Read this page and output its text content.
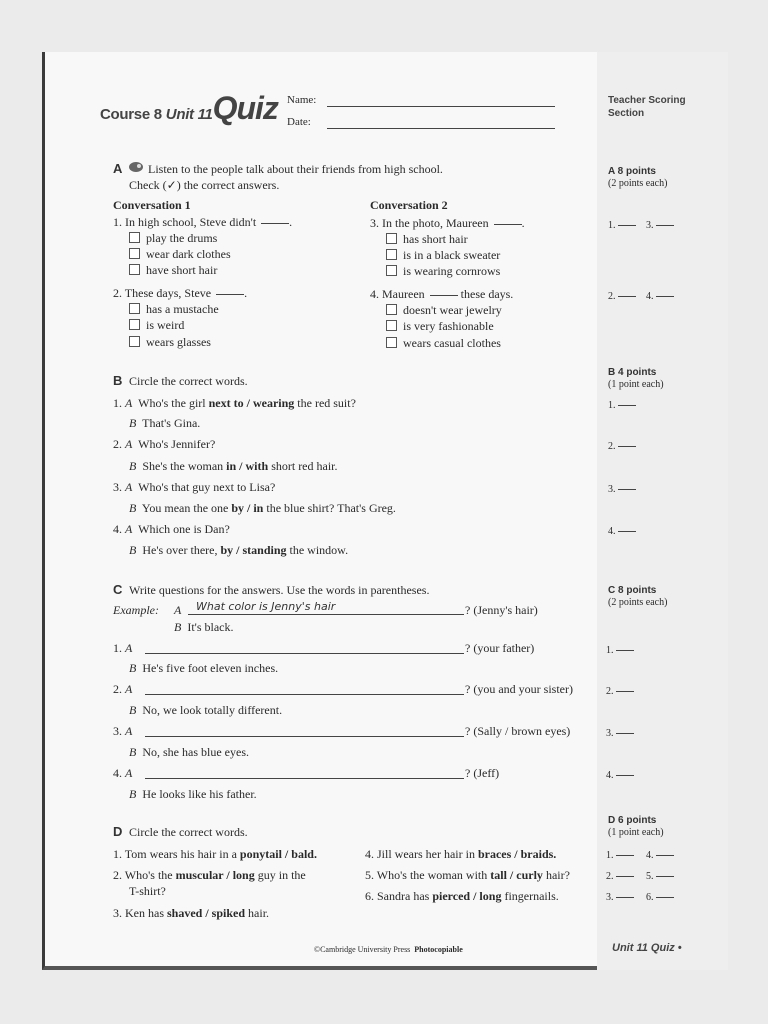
Course 8 Unit 11Quiz Name:
Date:
Teacher Scoring
Section
A Listen to the people talk about their friends from high school.
Check (✓) the correct answers.
A 8 points
(2 points each)
Conversation 1	Conversation 2
1. In high school, Steve didn't	.
play the drums
wear dark clothes
have short hair
3. In the photo, Maureen	.
has short hair
is in a black sweater
is wearing cornrows
2. These days, Steve	.
has a mustache
is weird
wears glasses
4. Maureen	these days.
doesn't wear jewelry
is very fashionable
wears casual clothes
1.	3.
2.	4.
B Circle the correct words.
B 4 points
(1 point each)
1. A Who's the girl next to / wearing the red suit?
B That's Gina.
1.
2. A Who's Jennifer?
B She's the woman in / with short red hair.
2.
3. A Who's that guy next to Lisa?
B You mean the one by / in the blue shirt? That's Greg.
3.
4. A Which one is Dan?
B He's over there, by / standing the window.
4.
C Write questions for the answers. Use the words in parentheses.	C 8 points
(2 points each)
Example: A What color is Jenny's hair	? (Jenny's hair)
B It's black.
1. A	? (your father)
B He's five foot eleven inches.
1.
2. A	? (you and your sister)
B No, we look totally different.
2.
3. A	? (Sally / brown eyes)
B No, she has blue eyes.
3.
4. A	? (Jeff)
B He looks like his father.
4.
D Circle the correct words.
D 6 points
(1 point each)
1. Tom wears his hair in a ponytail / bald.
2. Who's the muscular / long guy in the
T-shirt?
3. Ken has shaved / spiked hair.
4. Jill wears her hair in braces / braids.
5. Who's the woman with tall / curly hair?
6. Sandra has pierced / long fingernails.
1.	4.
2.	5.
3.	6.
©Cambridge University Press Photocopiable	Unit 11 Quiz •
